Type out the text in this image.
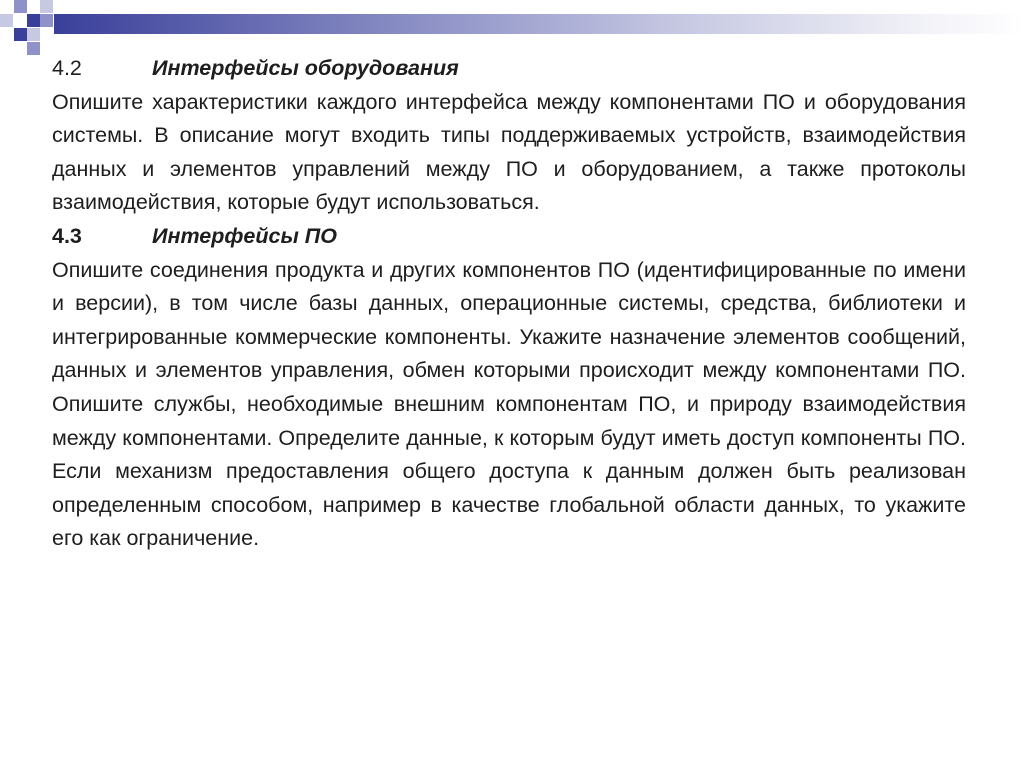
4.2	Интерфейсы оборудования

Опишите характеристики каждого интерфейса между компонентами ПО и оборудования системы. В описание могут входить типы поддерживаемых устройств, взаимодействия данных и элементов управлений между ПО и оборудованием, а также протоколы взаимодействия, которые будут использоваться.

4.3	Интерфейсы ПО

Опишите соединения продукта и других компонентов ПО (идентифицированные по имени и версии), в том числе базы данных, операционные системы, средства, библиотеки и интегрированные коммерческие компоненты. Укажите назначение элементов сообщений, данных и элементов управления, обмен которыми происходит между компонентами ПО. Опишите службы, необходимые внешним компонентам ПО, и природу взаимодействия между компонентами. Определите данные, к которым будут иметь доступ компоненты ПО. Если механизм предоставления общего доступа к данным должен быть реализован определенным способом, например в качестве глобальной области данных, то укажите его как ограничение.
